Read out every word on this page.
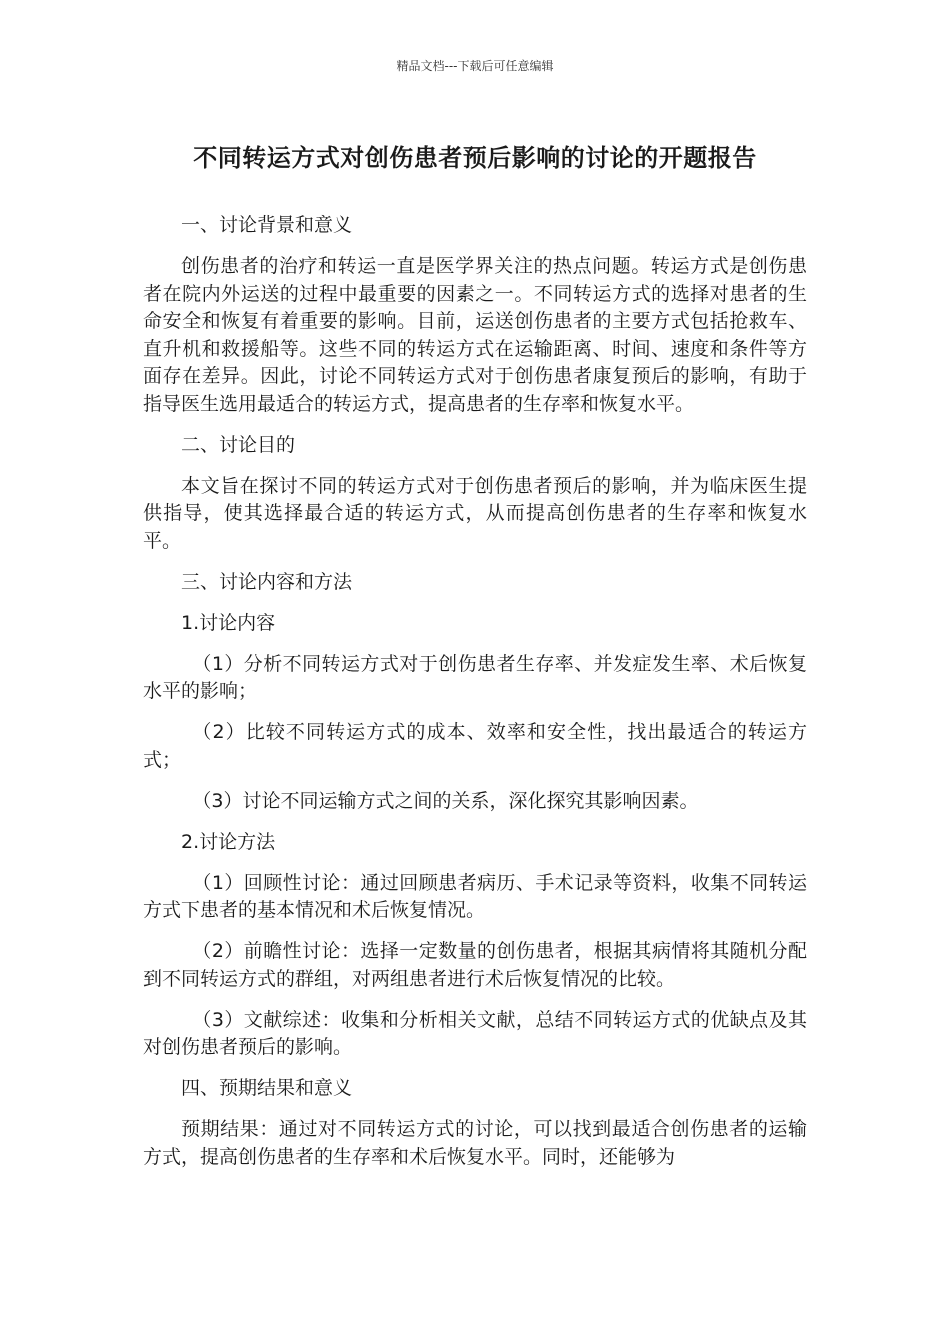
精品文档---下载后可任意编辑
不同转运方式对创伤患者预后影响的讨论的开题报告

一、讨论背景和意义

创伤患者的治疗和转运一直是医学界关注的热点问题。转运方式是创伤患者在院内外运送的过程中最重要的因素之一。不同转运方式的选择对患者的生命安全和恢复有着重要的影响。目前，运送创伤患者的主要方式包括抢救车、直升机和救援船等。这些不同的转运方式在运输距离、时间、速度和条件等方面存在差异。因此，讨论不同转运方式对于创伤患者康复预后的影响，有助于指导医生选用最适合的转运方式，提高患者的生存率和恢复水平。

二、讨论目的

本文旨在探讨不同的转运方式对于创伤患者预后的影响，并为临床医生提供指导，使其选择最合适的转运方式，从而提高创伤患者的生存率和恢复水平。

三、讨论内容和方法

1.讨论内容

（1）分析不同转运方式对于创伤患者生存率、并发症发生率、术后恢复水平的影响；

（2）比较不同转运方式的成本、效率和安全性，找出最适合的转运方式；

（3）讨论不同运输方式之间的关系，深化探究其影响因素。

2.讨论方法

（1）回顾性讨论：通过回顾患者病历、手术记录等资料，收集不同转运方式下患者的基本情况和术后恢复情况。

（2）前瞻性讨论：选择一定数量的创伤患者，根据其病情将其随机分配到不同转运方式的群组，对两组患者进行术后恢复情况的比较。

（3）文献综述：收集和分析相关文献，总结不同转运方式的优缺点及其对创伤患者预后的影响。

四、预期结果和意义

预期结果：通过对不同转运方式的讨论，可以找到最适合创伤患者的运输方式，提高创伤患者的生存率和术后恢复水平。同时，还能够为
